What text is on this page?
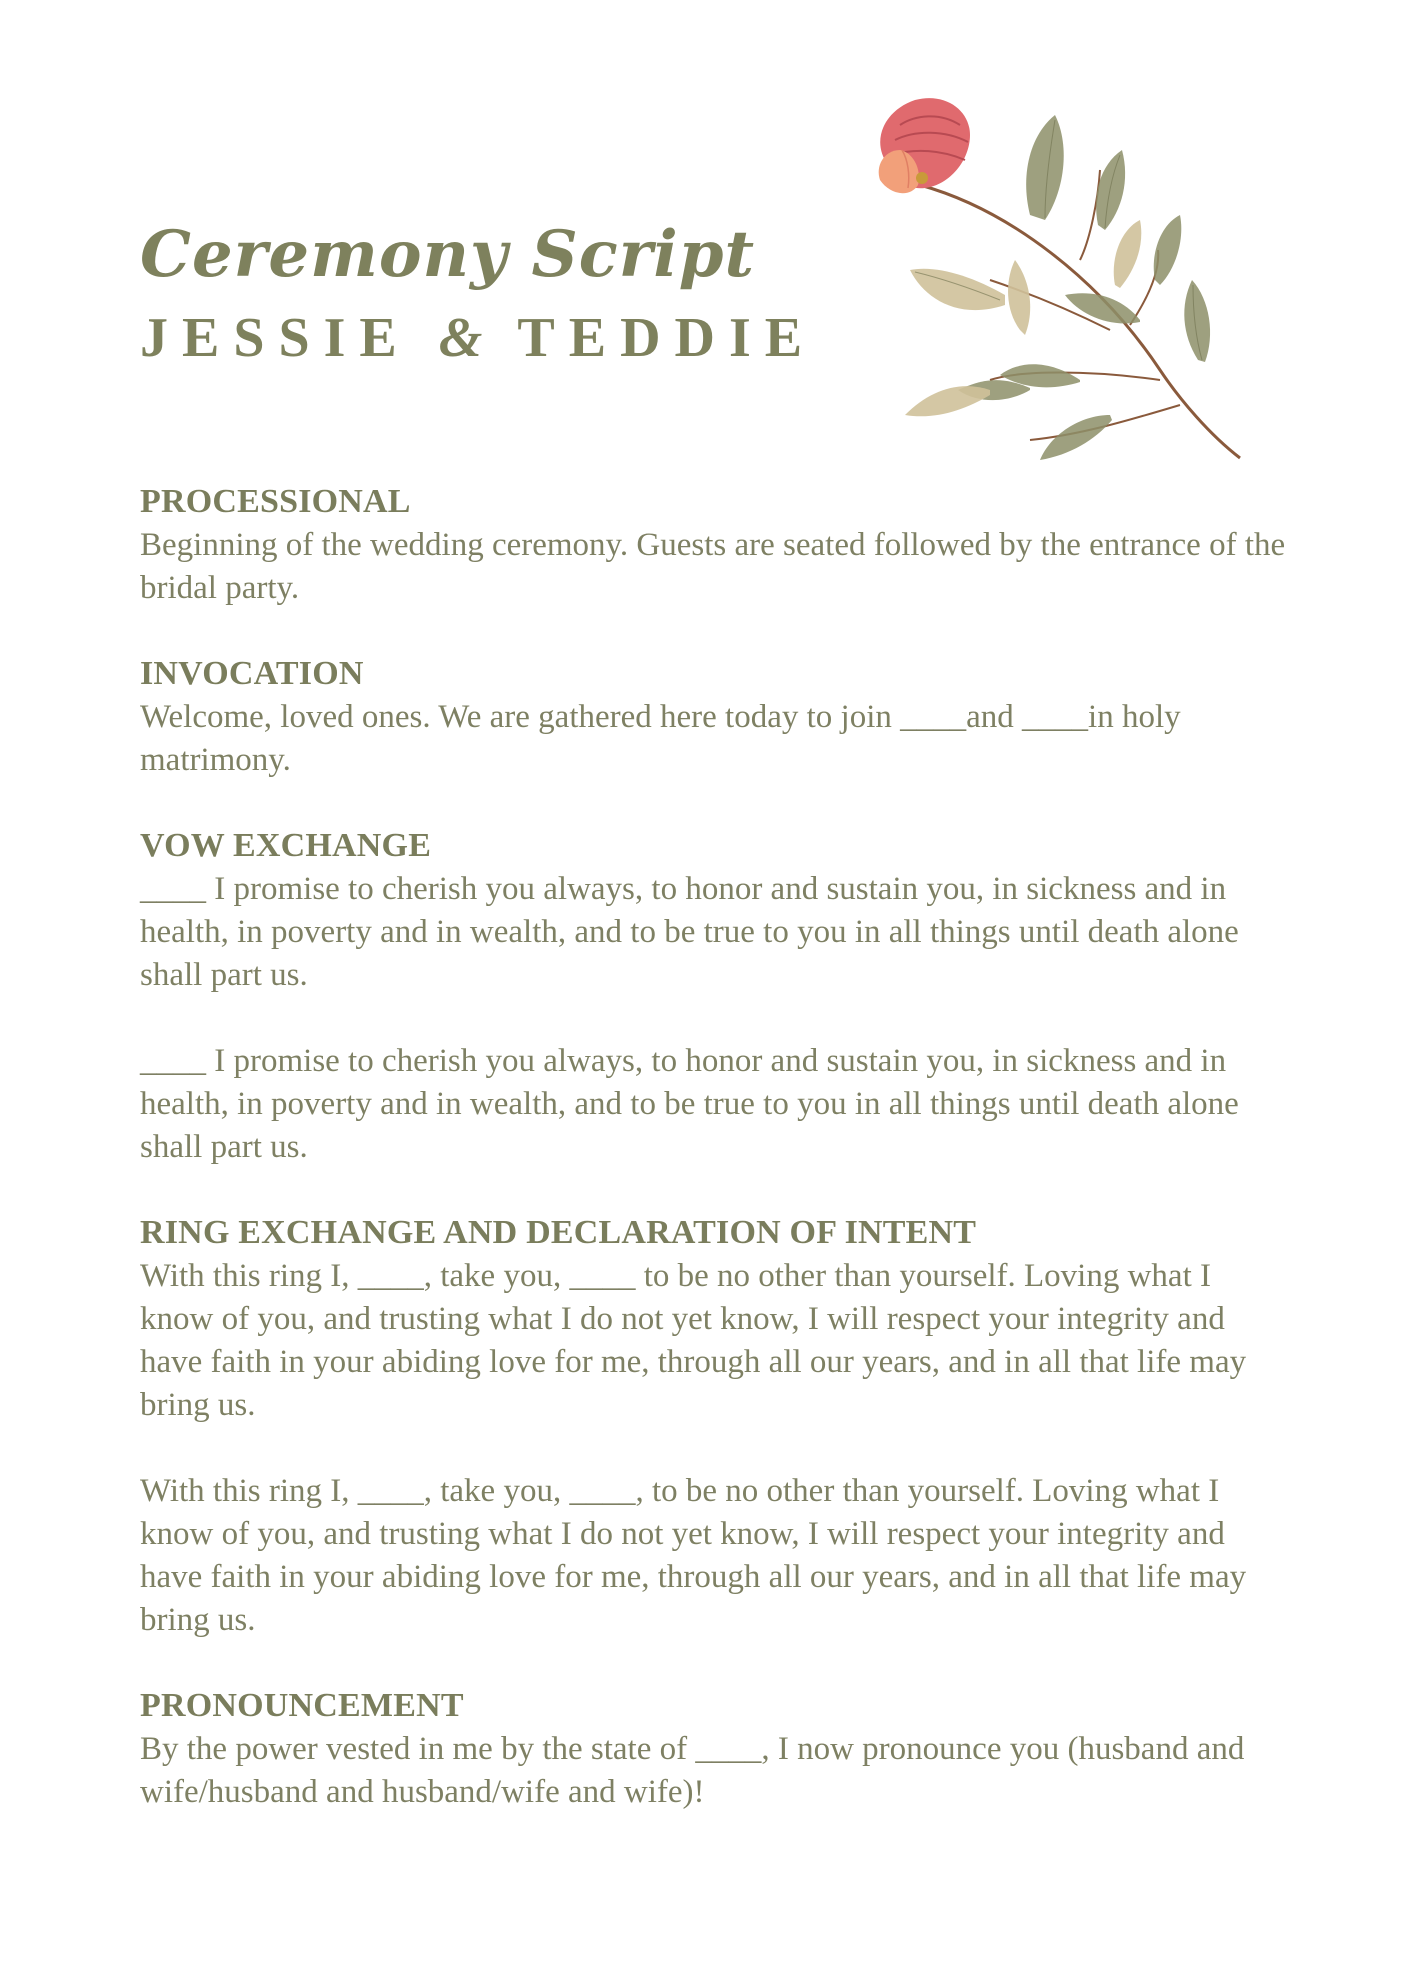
Ceremony Script
JESSIE & TEDDIE
PROCESSIONAL

Beginning of the wedding ceremony. Guests are seated followed by the entrance of the bridal party.

INVOCATION

Welcome, loved ones. We are gathered here today to join ____and ____in holy matrimony.

VOW EXCHANGE

____ I promise to cherish you always, to honor and sustain you, in sickness and in health, in poverty and in wealth, and to be true to you in all things until death alone shall part us.

____ I promise to cherish you always, to honor and sustain you, in sickness and in health, in poverty and in wealth, and to be true to you in all things until death alone shall part us.

RING EXCHANGE AND DECLARATION OF INTENT

With this ring I, ____, take you, ____ to be no other than yourself. Loving what I know of you, and trusting what I do not yet know, I will respect your integrity and have faith in your abiding love for me, through all our years, and in all that life may bring us.

With this ring I, ____, take you, ____, to be no other than yourself. Loving what I know of you, and trusting what I do not yet know, I will respect your integrity and have faith in your abiding love for me, through all our years, and in all that life may bring us.

PRONOUNCEMENT

By the power vested in me by the state of ____, I now pronounce you (husband and wife/husband and husband/wife and wife)!
